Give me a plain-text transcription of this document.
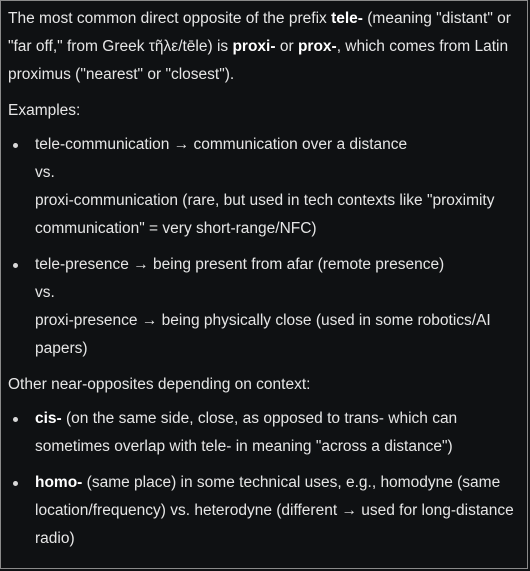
The most common direct opposite of the prefix tele- (meaning "distant" or "far off," from Greek τῆλε/tēle) is proxi- or prox-, which comes from Latin proximus ("nearest" or "closest").

Examples:

tele-communication → communication over a distance
vs.
proxi-communication (rare, but used in tech contexts like "proximity communication" = very short-range/NFC)
tele-presence → being present from afar (remote presence)
vs.
proxi-presence → being physically close (used in some robotics/AI papers)

Other near-opposites depending on context:

cis- (on the same side, close, as opposed to trans- which can sometimes overlap with tele- in meaning "across a distance")
homo- (same place) in some technical uses, e.g., homodyne (same location/frequency) vs. heterodyne (different → used for long-distance radio)
